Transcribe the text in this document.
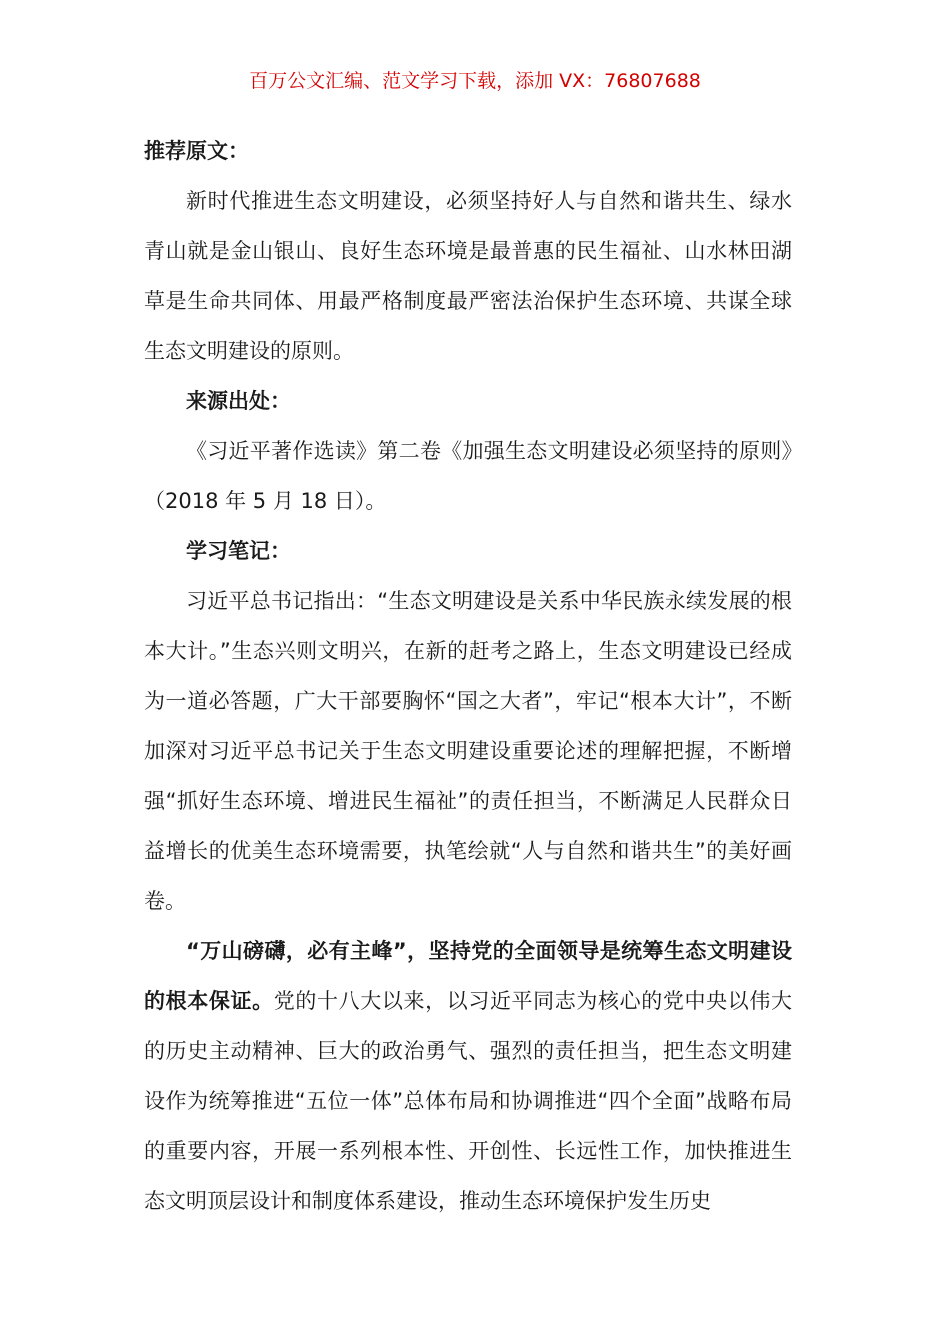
百万公文汇编、范文学习下载，添加 VX：76807688

推荐原文：

新时代推进生态文明建设，必须坚持好人与自然和谐共生、绿水青山就是金山银山、良好生态环境是最普惠的民生福祉、山水林田湖草是生命共同体、用最严格制度最严密法治保护生态环境、共谋全球生态文明建设的原则。

来源出处：

《习近平著作选读》第二卷《加强生态文明建设必须坚持的原则》（2018 年 5 月 18 日）。

学习笔记：

习近平总书记指出：“生态文明建设是关系中华民族永续发展的根本大计。”生态兴则文明兴，在新的赶考之路上，生态文明建设已经成为一道必答题，广大干部要胸怀“国之大者”，牢记“根本大计”，不断加深对习近平总书记关于生态文明建设重要论述的理解把握，不断增强“抓好生态环境、增进民生福祉”的责任担当，不断满足人民群众日益增长的优美生态环境需要，执笔绘就“人与自然和谐共生”的美好画卷。

“万山磅礴，必有主峰”，坚持党的全面领导是统筹生态文明建设的根本保证。党的十八大以来，以习近平同志为核心的党中央以伟大的历史主动精神、巨大的政治勇气、强烈的责任担当，把生态文明建设作为统筹推进“五位一体”总体布局和协调推进“四个全面”战略布局的重要内容，开展一系列根本性、开创性、长远性工作，加快推进生态文明顶层设计和制度体系建设，推动生态环境保护发生历史
